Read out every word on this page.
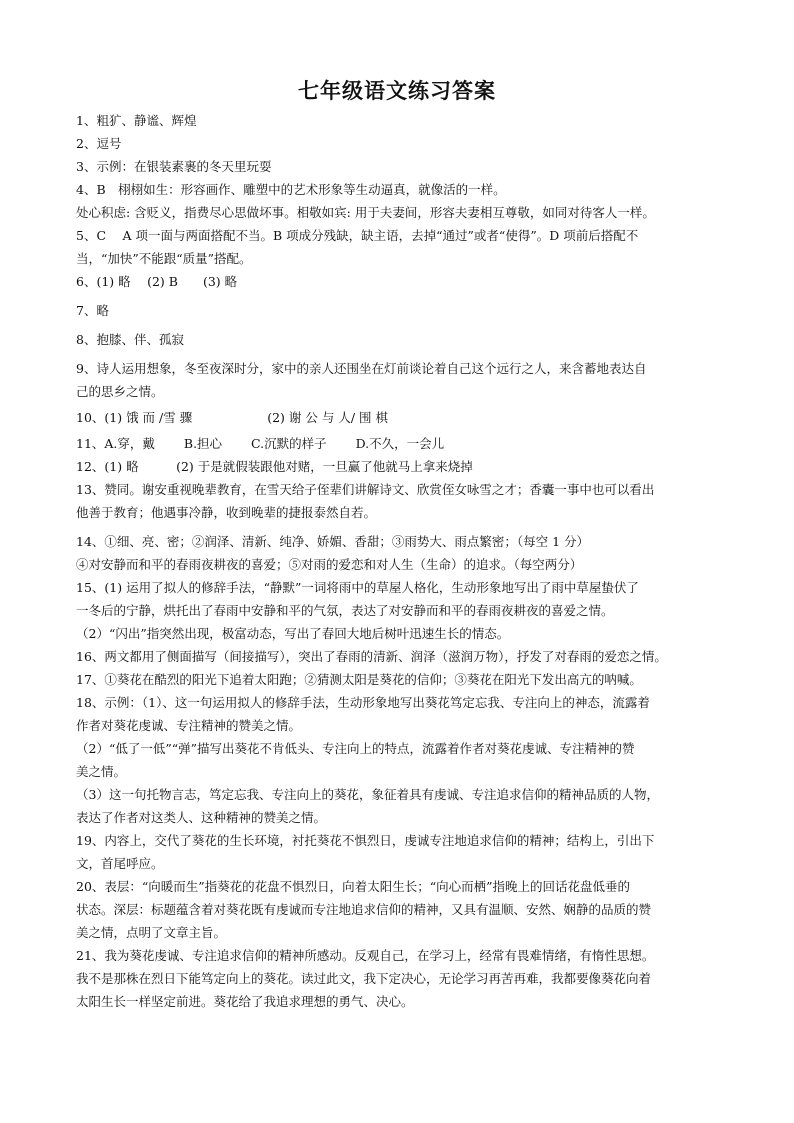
七年级语文练习答案
1、粗犷、静谧、辉煌
2、逗号
3、示例：在银装素裹的冬天里玩耍
4、B　栩栩如生：形容画作、雕塑中的艺术形象等生动逼真，就像活的一样。
处心积虑: 含贬义，指费尽心思做坏事。相敬如宾: 用于夫妻间，形容夫妻相互尊敬，如同对待客人一样。
5、C　 A 项一面与两面搭配不当。B 项成分残缺，缺主语，去掉“通过”或者“使得”。D 项前后搭配不
当，“加快”不能跟“质量”搭配。
6、(1) 略　 (2) B　　(3) 略
7、略
8、抱膝、伴、孤寂
9、诗人运用想象，冬至夜深时分，家中的亲人还围坐在灯前谈论着自己这个远行之人，来含蓄地表达自
己的思乡之情。
10、(1) 饿 而 /雪 骤　　　　　　(2) 谢 公 与 人/ 围 棋
11、A.穿，戴　　 B.担心　　 C.沉默的样子　　 D.不久，一会儿
12、(1) 略　　　(2) 于是就假装跟他对赌，一旦赢了他就马上拿来烧掉
13、赞同。谢安重视晚辈教育，在雪天给子侄辈们讲解诗文、欣赏侄女咏雪之才；香囊一事中也可以看出
他善于教育；他遇事冷静，收到晚辈的捷报泰然自若。
14、①细、亮、密；②润泽、清新、纯净、娇媚、香甜；③雨势大、雨点繁密；（每空 1 分）
④对安静而和平的春雨夜耕夜的喜爱；⑤对雨的爱恋和对人生（生命）的追求。（每空两分）
15、(1) 运用了拟人的修辞手法，“静默”一词将雨中的草屋人格化，生动形象地写出了雨中草屋蛰伏了
一冬后的宁静，烘托出了春雨中安静和平的气氛，表达了对安静而和平的春雨夜耕夜的喜爱之情。
（2）“闪出”指突然出现，极富动态，写出了春回大地后树叶迅速生长的情态。
16、两文都用了侧面描写（间接描写），突出了春雨的清新、润泽（滋润万物），抒发了对春雨的爱恋之情。
17、①葵花在酷烈的阳光下追着太阳跑；②猜测太阳是葵花的信仰；③葵花在阳光下发出高亢的呐喊。
18、示例：（1）、这一句运用拟人的修辞手法，生动形象地写出葵花笃定忘我、专注向上的神态，流露着
作者对葵花虔诚、专注精神的赞美之情。
（2）“低了一低”“弹”描写出葵花不肯低头、专注向上的特点，流露着作者对葵花虔诚、专注精神的赞
美之情。
（3）这一句托物言志，笃定忘我、专注向上的葵花，象征着具有虔诚、专注追求信仰的精神品质的人物，
表达了作者对这类人、这种精神的赞美之情。
19、内容上，交代了葵花的生长环境，衬托葵花不惧烈日，虔诚专注地追求信仰的精神；结构上，引出下
文，首尾呼应。
20、表层：“向暖而生”指葵花的花盘不惧烈日，向着太阳生长；“向心而栖”指晚上的回话花盘低垂的
状态。深层：标题蕴含着对葵花既有虔诚而专注地追求信仰的精神，又具有温顺、安然、娴静的品质的赞
美之情，点明了文章主旨。
21、我为葵花虔诚、专注追求信仰的精神所感动。反观自己，在学习上，经常有畏难情绪，有惰性思想。
我不是那株在烈日下能笃定向上的葵花。读过此文，我下定决心，无论学习再苦再难，我都要像葵花向着
太阳生长一样坚定前进。葵花给了我追求理想的勇气、决心。
